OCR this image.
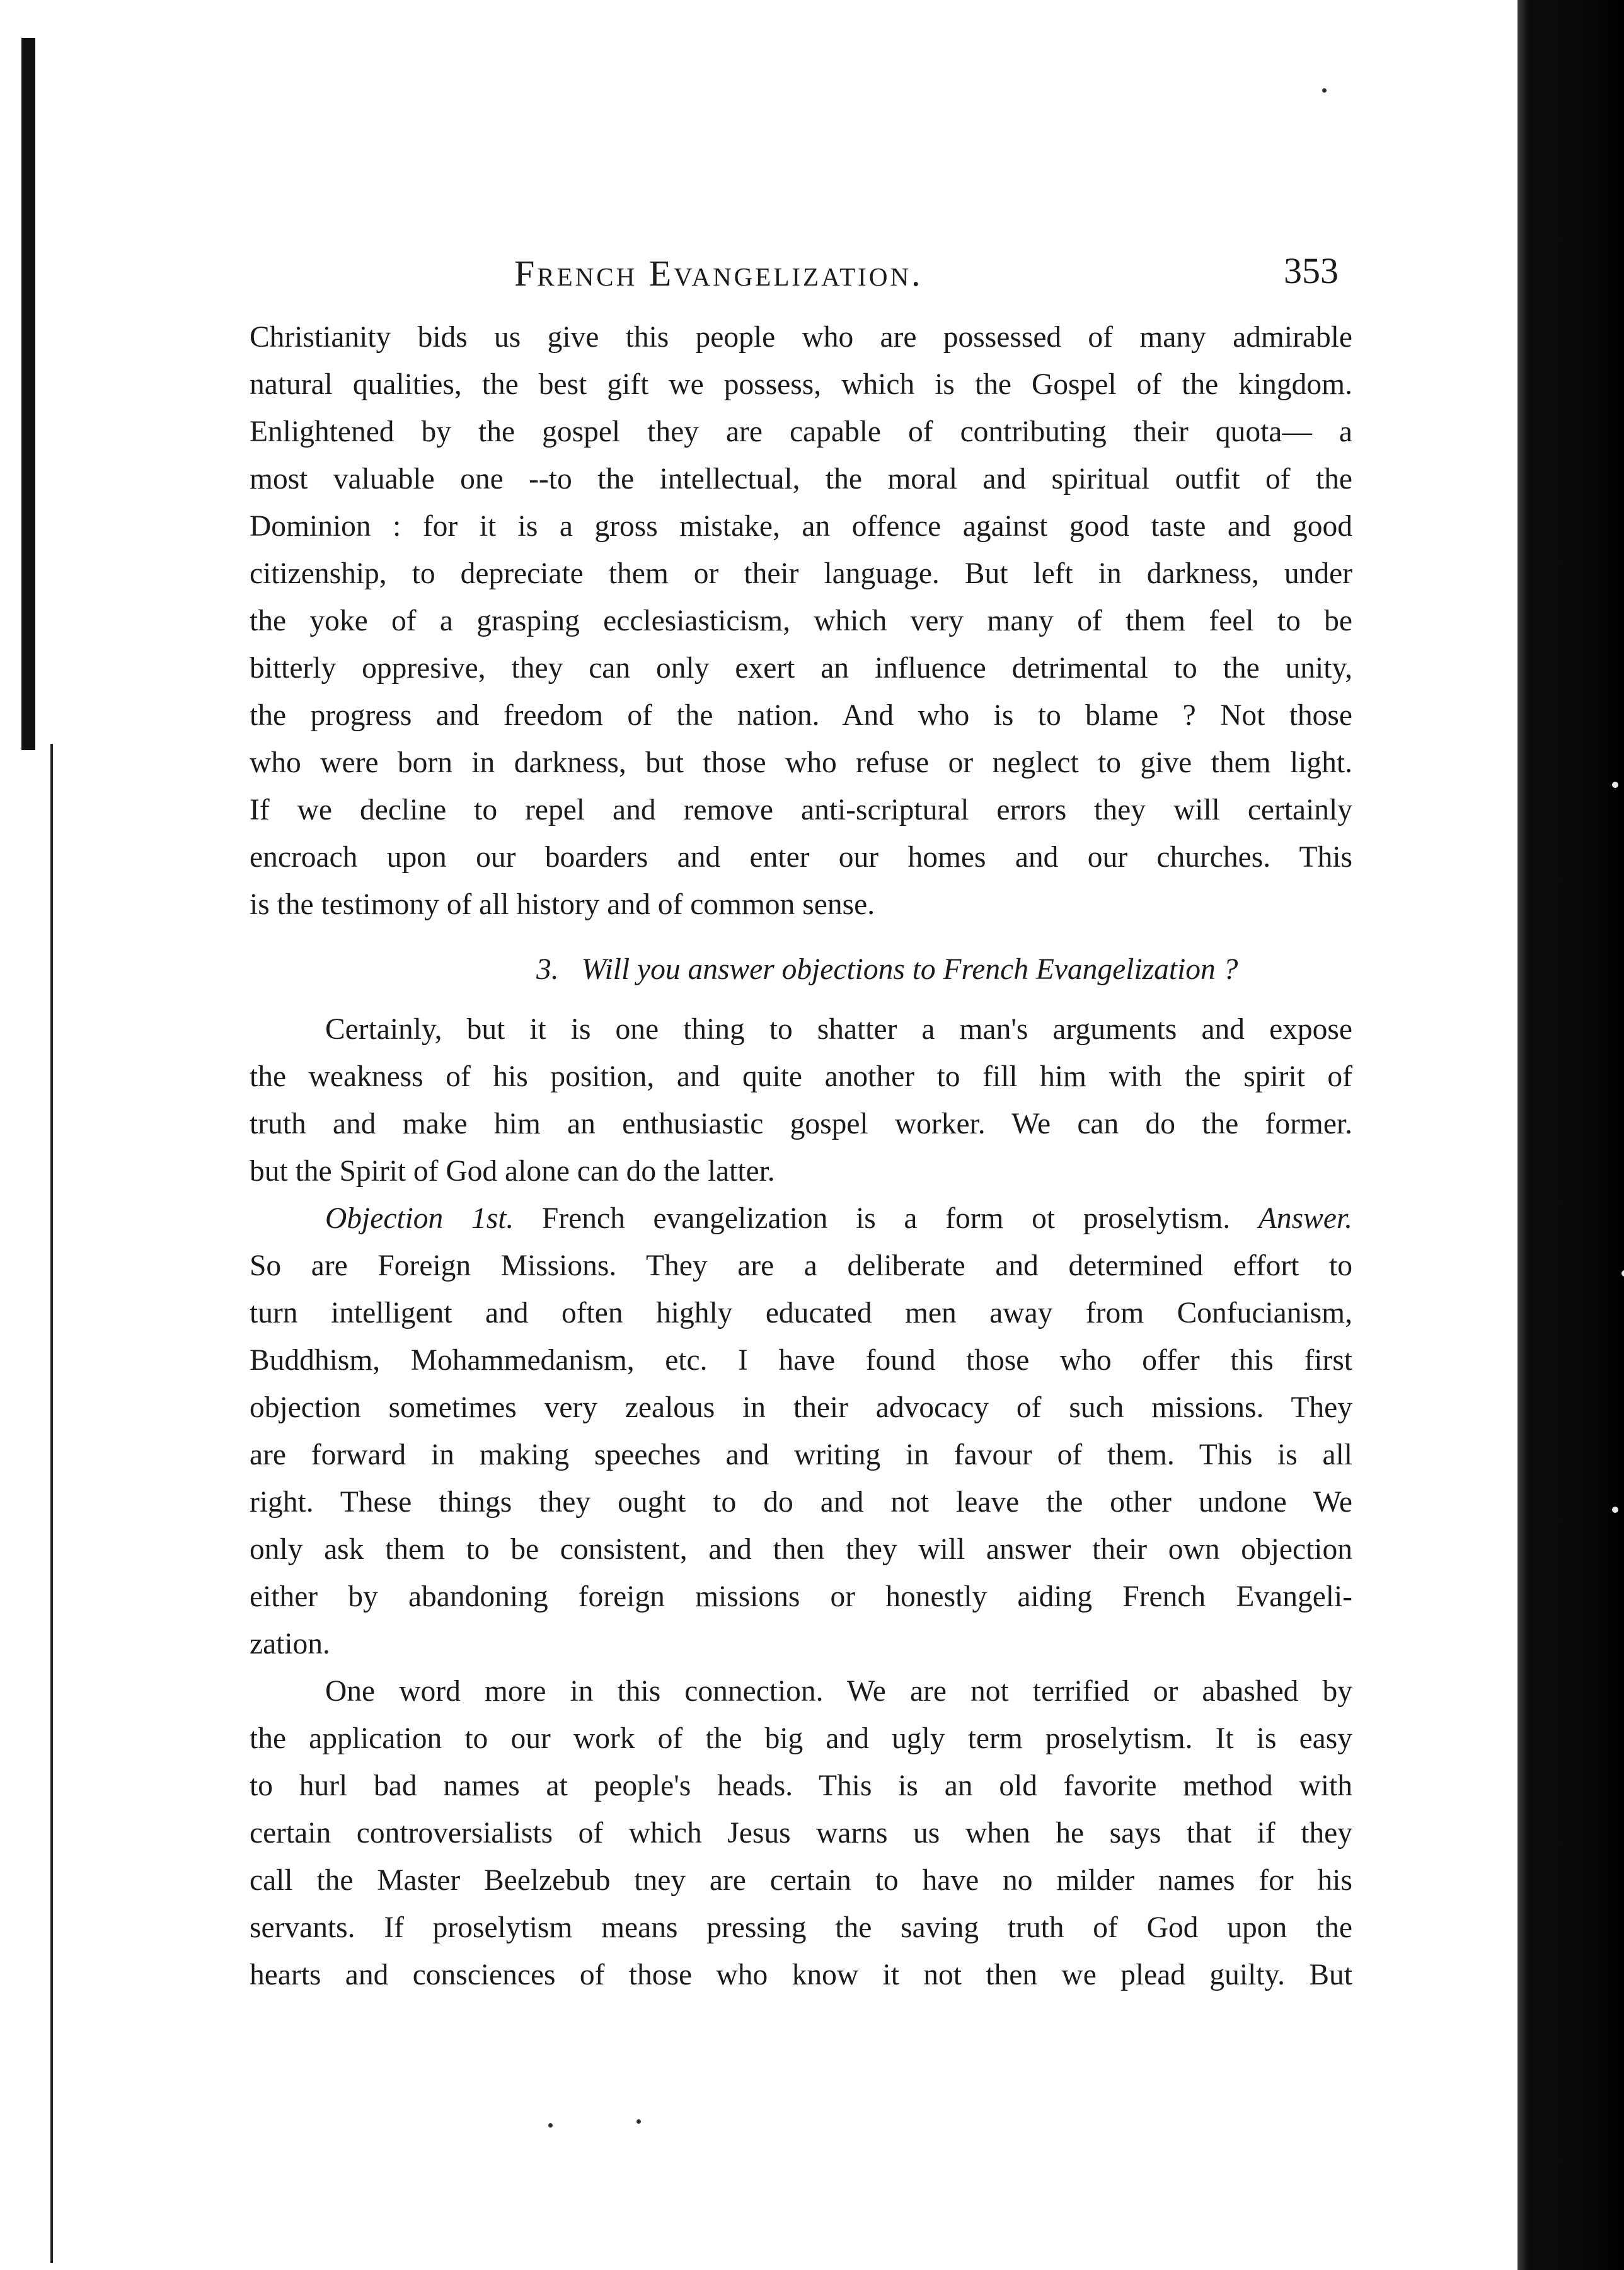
French Evangelization.	353

Christianity bids us give this people who are possessed of many admirable
natural qualities, the best gift we possess, which is the Gospel of the kingdom.
Enlightened by the gospel they are capable of contributing their quota— a
most valuable one --to the intellectual, the moral and spiritual outfit of the
Dominion : for it is a gross mistake, an offence against good taste and good
citizenship, to depreciate them or their language. But left in darkness, under
the yoke of a grasping ecclesiasticism, which very many of them feel to be
bitterly oppresive, they can only exert an influence detrimental to the unity,
the progress and freedom of the nation. And who is to blame ? Not those
who were born in darkness, but those who refuse or neglect to give them light.
If we decline to repel and remove anti-scriptural errors they will certainly
encroach upon our boarders and enter our homes and our churches. This
is the testimony of all history and of common sense.

3. Will you answer objections to French Evangelization ?

Certainly, but it is one thing to shatter a man's arguments and expose
the weakness of his position, and quite another to fill him with the spirit of
truth and make him an enthusiastic gospel worker. We can do the former.
but the Spirit of God alone can do the latter.

Objection 1st. French evangelization is a form ot proselytism. Answer.
So are Foreign Missions. They are a deliberate and determined effort to
turn intelligent and often highly educated men away from Confucianism,
Buddhism, Mohammedanism, etc. I have found those who offer this first
objection sometimes very zealous in their advocacy of such missions. They
are forward in making speeches and writing in favour of them. This is all
right. These things they ought to do and not leave the other undone We
only ask them to be consistent, and then they will answer their own objection
either by abandoning foreign missions or honestly aiding French Evangeli-
zation.

One word more in this connection. We are not terrified or abashed by
the application to our work of the big and ugly term proselytism. It is easy
to hurl bad names at people's heads. This is an old favorite method with
certain controversialists of which Jesus warns us when he says that if they
call the Master Beelzebub tney are certain to have no milder names for his
servants. If proselytism means pressing the saving truth of God upon the
hearts and consciences of those who know it not then we plead guilty. But
